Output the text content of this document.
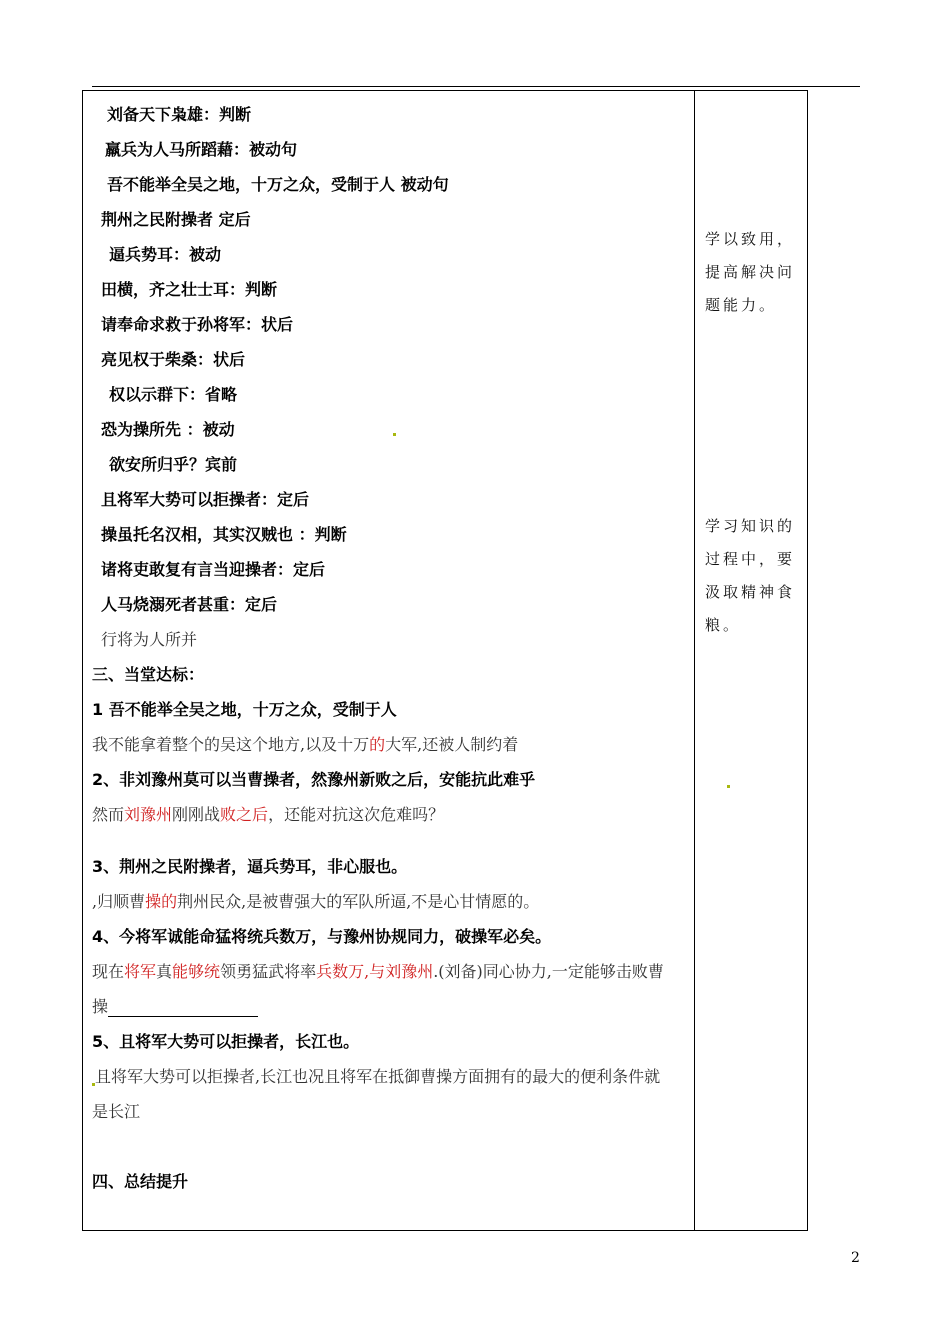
刘备天下枭雄：判断
羸兵为人马所蹈藉：被动句
吾不能举全吴之地，十万之众，受制于人 被动句
荆州之民附操者 定后
逼兵势耳：被动
田横，齐之壮士耳：判断
请奉命求救于孙将军：状后
亮见权于柴桑：状后
权以示群下：省略
恐为操所先 ：被动
欲安所归乎？宾前
且将军大势可以拒操者：定后
操虽托名汉相，其实汉贼也 ：判断
诸将吏敢复有言当迎操者：定后
人马烧溺死者甚重：定后
行将为人所并
三、当堂达标：
1 吾不能举全吴之地，十万之众，受制于人
我不能拿着整个的吴这个地方,以及十万的大军,还被人制约着
2、非刘豫州莫可以当曹操者，然豫州新败之后，安能抗此难乎
然而刘豫州刚刚战败之后，还能对抗这次危难吗？
3、荆州之民附操者，逼兵势耳，非心服也。
,归顺曹操的荆州民众,是被曹强大的军队所逼,不是心甘情愿的。
4、今将军诚能命猛将统兵数万，与豫州协规同力，破操军必矣。
现在将军真能够统领勇猛武将率兵数万,与刘豫州.(刘备)同心协力,一定能够击败曹
操
5、且将军大势可以拒操者，长江也。
且将军大势可以拒操者,长江也况且将军在抵御曹操方面拥有的最大的便利条件就
是长江
四、总结提升
学以致用，提高解决问题能力。
学习知识的过程中，要汲取精神食粮。
2
